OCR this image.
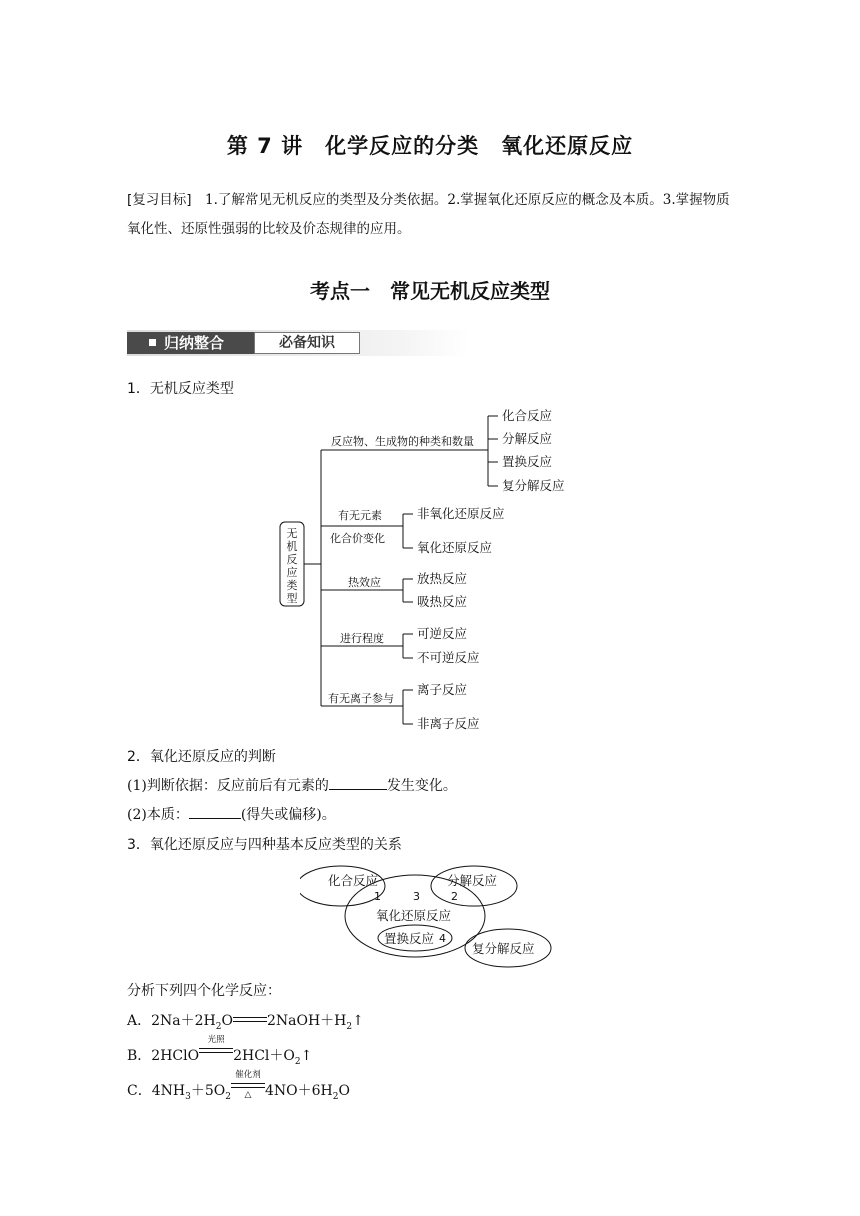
第 7 讲　化学反应的分类　氧化还原反应
[复习目标]　1.了解常见无机反应的类型及分类依据。2.掌握氧化还原反应的概念及本质。3.掌握物质氧化性、还原性强弱的比较及价态规律的应用。
考点一　常见无机反应类型
归纳整合	必备知识
1．无机反应类型
无
机
反
应
类
型
反应物、生成物的种类和数量
有无元素
化合价变化
热效应
进行程度
有无离子参与
化合反应
分解反应
置换反应
复分解反应
非氧化还原反应
氧化还原反应
放热反应
吸热反应
可逆反应
不可逆反应
离子反应
非离子反应
2．氧化还原反应的判断
(1)判断依据：反应前后有元素的	发生变化。
(2)本质：	(得失或偏移)。
3．氧化还原反应与四种基本反应类型的关系
化合反应	分解反应
氧化还原反应
置换反应
复分解反应
1	3	2
4
分析下列四个化学反应：
A．$2Na+2H_2O$ $2NaOH+H_2↑$
B．2HClO
光照
$2HCl+O_2↑$
C．$4NH_3+5O_2$
催化剂
△ $4NO+6H_2O$
